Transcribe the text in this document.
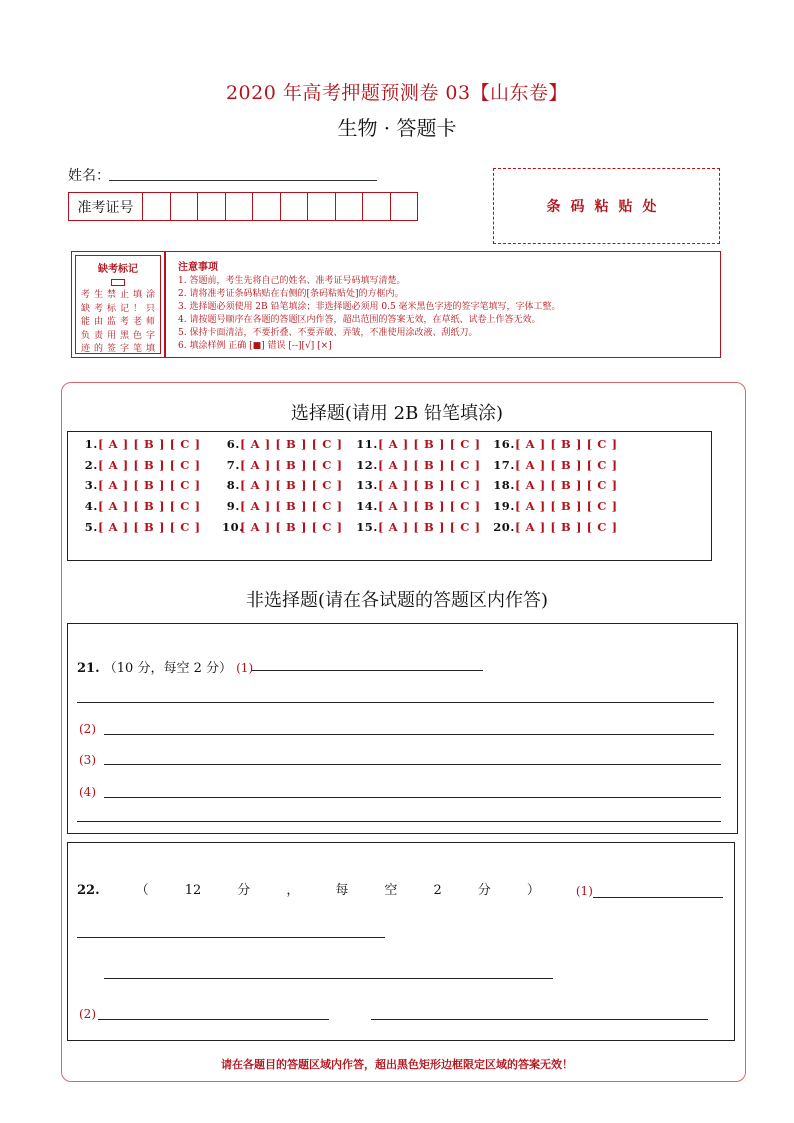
2020 年高考押题预测卷 03【山东卷】
生物 · 答题卡
姓名：
准考证号	条码粘贴处
缺考标记
考生禁止填涂
缺考标记！只
能由监考老师
负责用黑色字
迹的签字笔填
注意事项
1. 答题前，考生先将自己的姓名、准考证号码填写清楚。
2. 请将准考证条码粘贴在右侧的[条码粘贴处]的方框内。
3. 选择题必须使用 2B 铅笔填涂；非选择题必须用 0.5 毫米黑色字迹的签字笔填写，字体工整。
4. 请按题号顺序在各题的答题区内作答，超出范围的答案无效，在草纸、试卷上作答无效。
5. 保持卡面清洁，不要折叠、不要弄破、弄皱，不准使用涂改液、刮纸刀。
6. 填涂样例 正确 [■] 错误 [--][√] [×]
选择题(请用 2B 铅笔填涂)
1.[ A ] [ B ] [ C ]
2.[ A ] [ B ] [ C ]
3.[ A ] [ B ] [ C ]
4.[ A ] [ B ] [ C ]
5.[ A ] [ B ] [ C ]
6.[ A ] [ B ] [ C ]
7.[ A ] [ B ] [ C ]
8.[ A ] [ B ] [ C ]
9.[ A ] [ B ] [ C ]
10.[ A ] [ B ] [ C ]
11.[ A ] [ B ] [ C ]
12.[ A ] [ B ] [ C ]
13.[ A ] [ B ] [ C ]
14.[ A ] [ B ] [ C ]
15.[ A ] [ B ] [ C ]
16.[ A ] [ B ] [ C ]
17.[ A ] [ B ] [ C ]
18.[ A ] [ B ] [ C ]
19.[ A ] [ B ] [ C ]
20.[ A ] [ B ] [ C ]
非选择题(请在各试题的答题区内作答)
21. （10 分，每空 2 分） (1)
(2)
(3)
(4)
22.	（	12	分	，	每	空	2	分	）	(1)
(2)
请在各题目的答题区域内作答，超出黑色矩形边框限定区域的答案无效！
